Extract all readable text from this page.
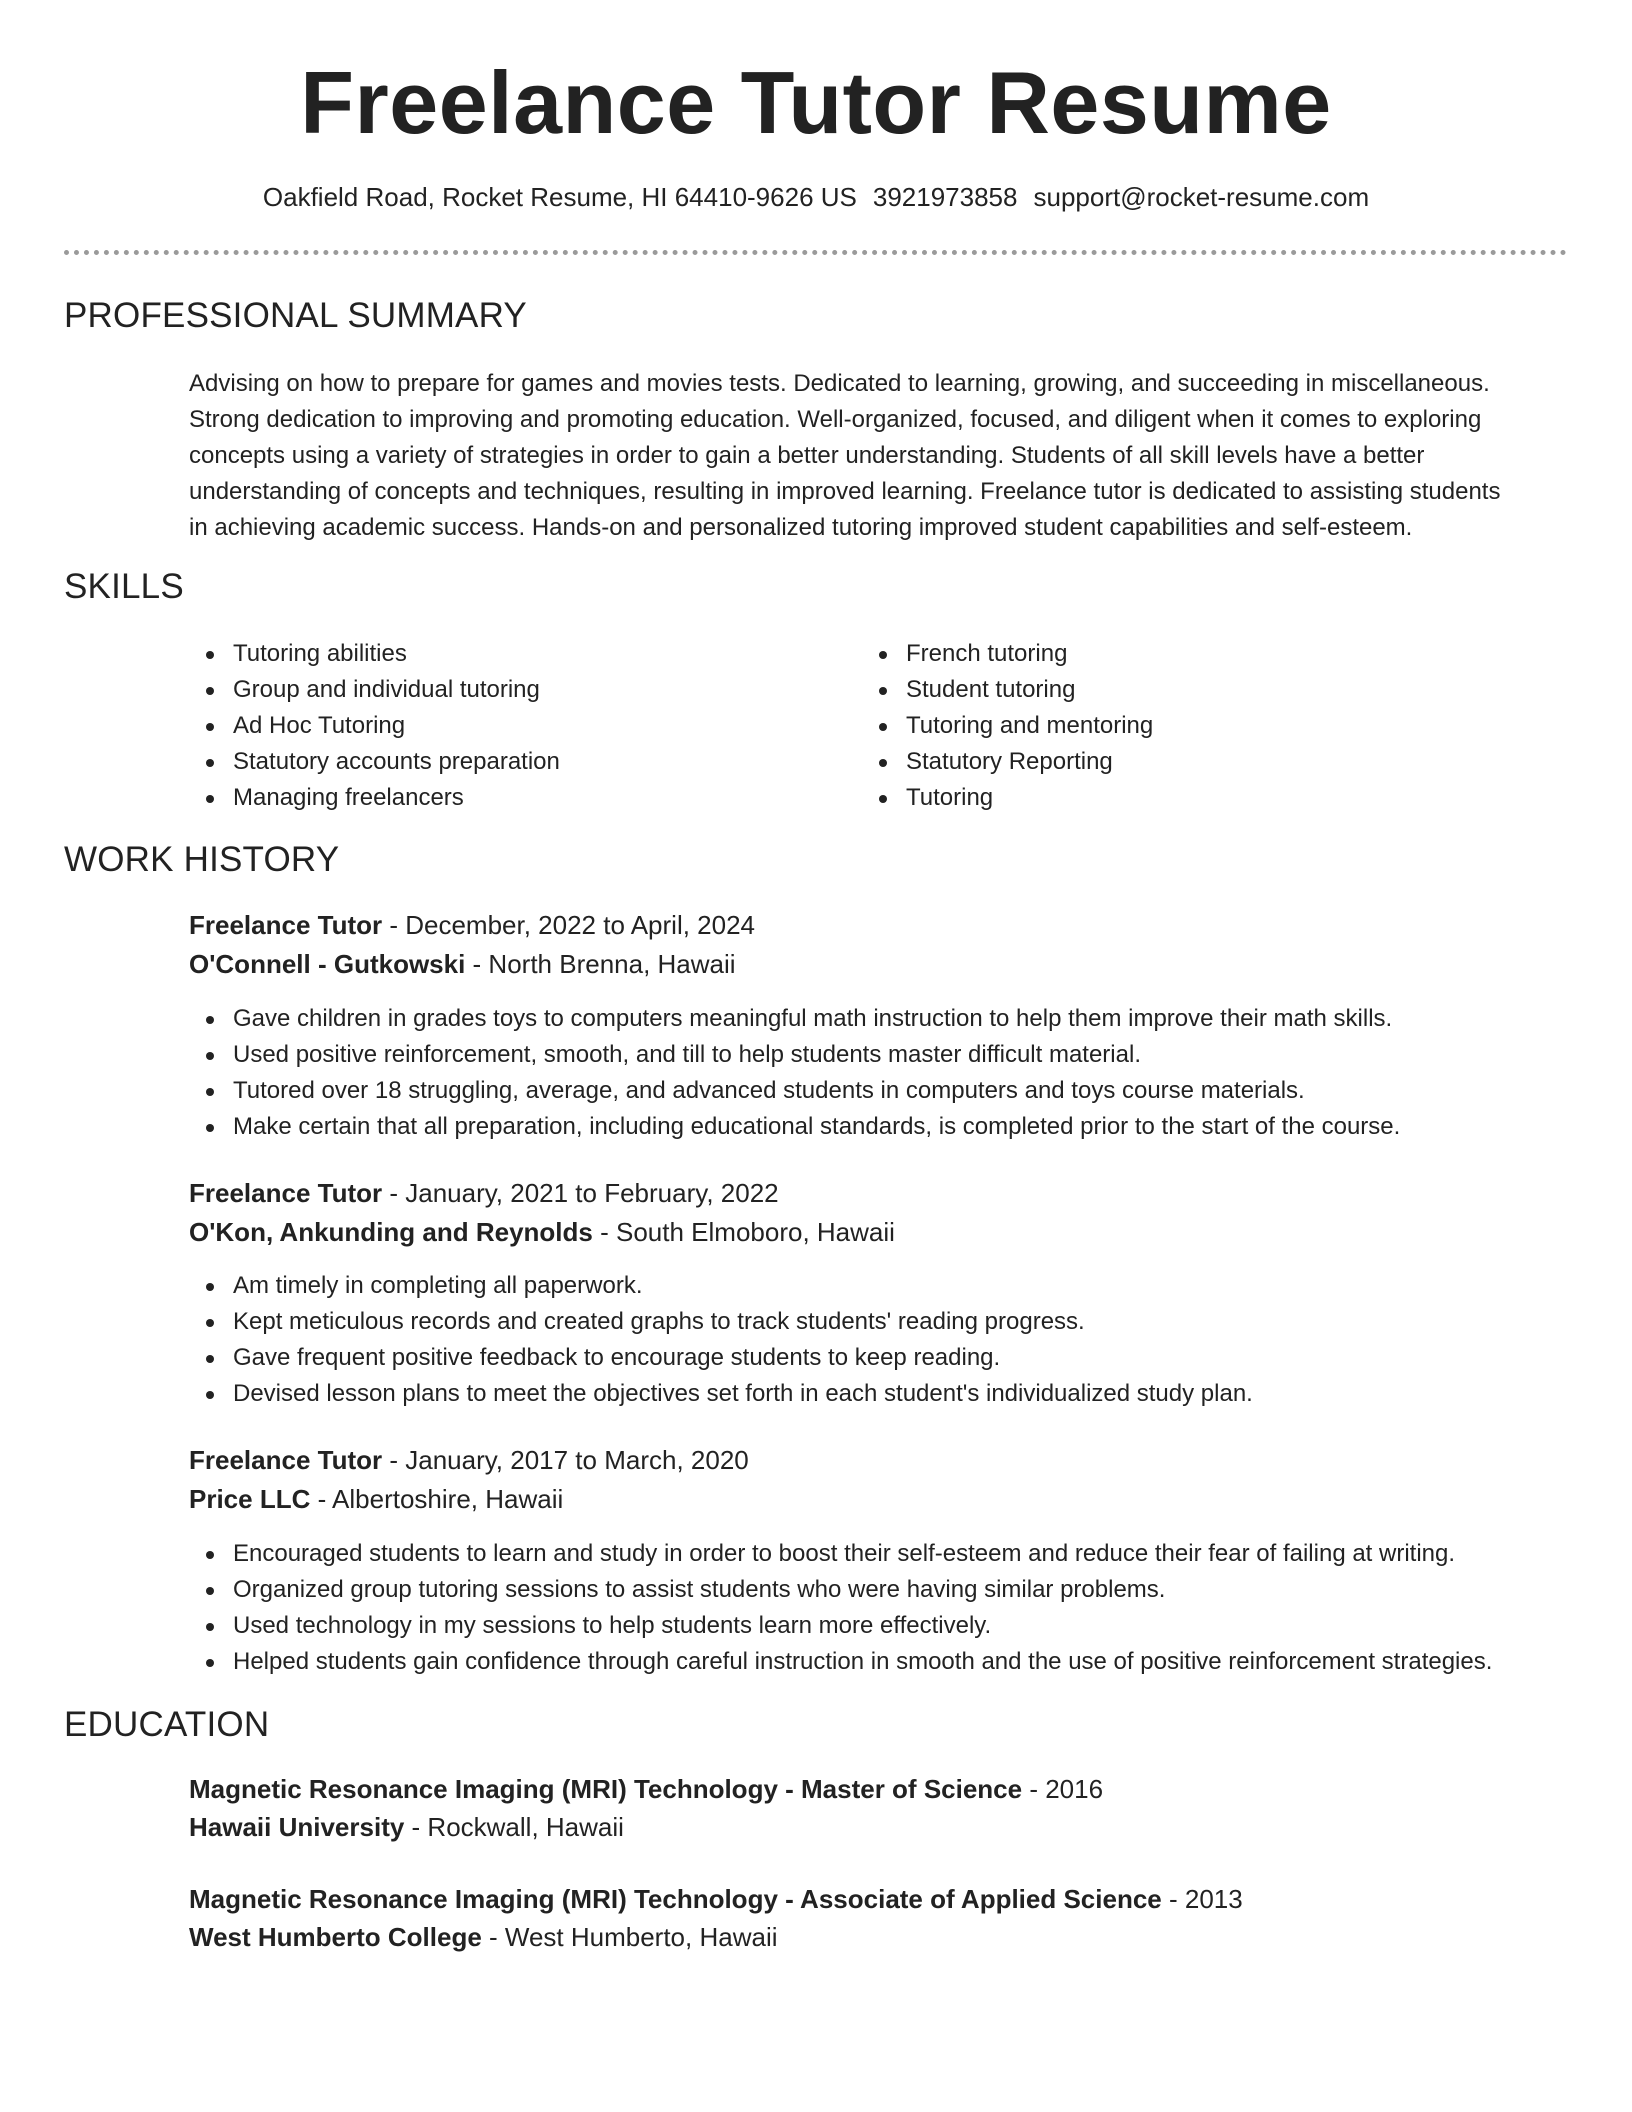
Freelance Tutor Resume
Oakfield Road, Rocket Resume, HI 64410-9626 US 3921973858 support@rocket-resume.com
PROFESSIONAL SUMMARY
Advising on how to prepare for games and movies tests. Dedicated to learning, growing, and succeeding in miscellaneous.
Strong dedication to improving and promoting education. Well-organized, focused, and diligent when it comes to exploring
concepts using a variety of strategies in order to gain a better understanding. Students of all skill levels have a better
understanding of concepts and techniques, resulting in improved learning. Freelance tutor is dedicated to assisting students
in achieving academic success. Hands-on and personalized tutoring improved student capabilities and self-esteem.
SKILLS
Tutoring abilities
Group and individual tutoring
Ad Hoc Tutoring
Statutory accounts preparation
Managing freelancers
French tutoring
Student tutoring
Tutoring and mentoring
Statutory Reporting
Tutoring
WORK HISTORY
Freelance Tutor - December, 2022 to April, 2024
O'Connell - Gutkowski - North Brenna, Hawaii
Gave children in grades toys to computers meaningful math instruction to help them improve their math skills.
Used positive reinforcement, smooth, and till to help students master difficult material.
Tutored over 18 struggling, average, and advanced students in computers and toys course materials.
Make certain that all preparation, including educational standards, is completed prior to the start of the course.
Freelance Tutor - January, 2021 to February, 2022
O'Kon, Ankunding and Reynolds - South Elmoboro, Hawaii
Am timely in completing all paperwork.
Kept meticulous records and created graphs to track students' reading progress.
Gave frequent positive feedback to encourage students to keep reading.
Devised lesson plans to meet the objectives set forth in each student's individualized study plan.
Freelance Tutor - January, 2017 to March, 2020
Price LLC - Albertoshire, Hawaii
Encouraged students to learn and study in order to boost their self-esteem and reduce their fear of failing at writing.
Organized group tutoring sessions to assist students who were having similar problems.
Used technology in my sessions to help students learn more effectively.
Helped students gain confidence through careful instruction in smooth and the use of positive reinforcement strategies.
EDUCATION
Magnetic Resonance Imaging (MRI) Technology - Master of Science - 2016
Hawaii University - Rockwall, Hawaii
Magnetic Resonance Imaging (MRI) Technology - Associate of Applied Science - 2013
West Humberto College - West Humberto, Hawaii
